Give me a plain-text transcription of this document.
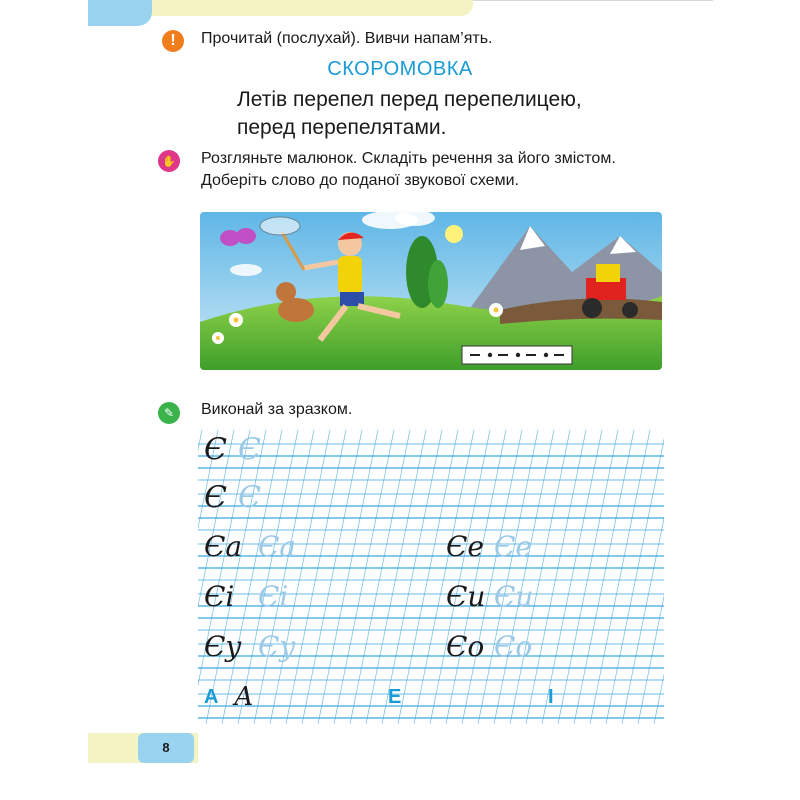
!	Прочитай (послухай). Вивчи напам’ять.
СКОРОМОВКА
Летів перепел перед перепелицею,
перед перепелятами.
✋ Розгляньте малюнок. Складіть речення за його змістом.
Доберіть слово до поданої звукової схеми.
✎	Виконай за зразком.
Є Є
Є Є
Єа Єа	Єе Єе
Єі Єі	Єи Єи
Єу Єу	Єо Єо
А А	Е	І
8
